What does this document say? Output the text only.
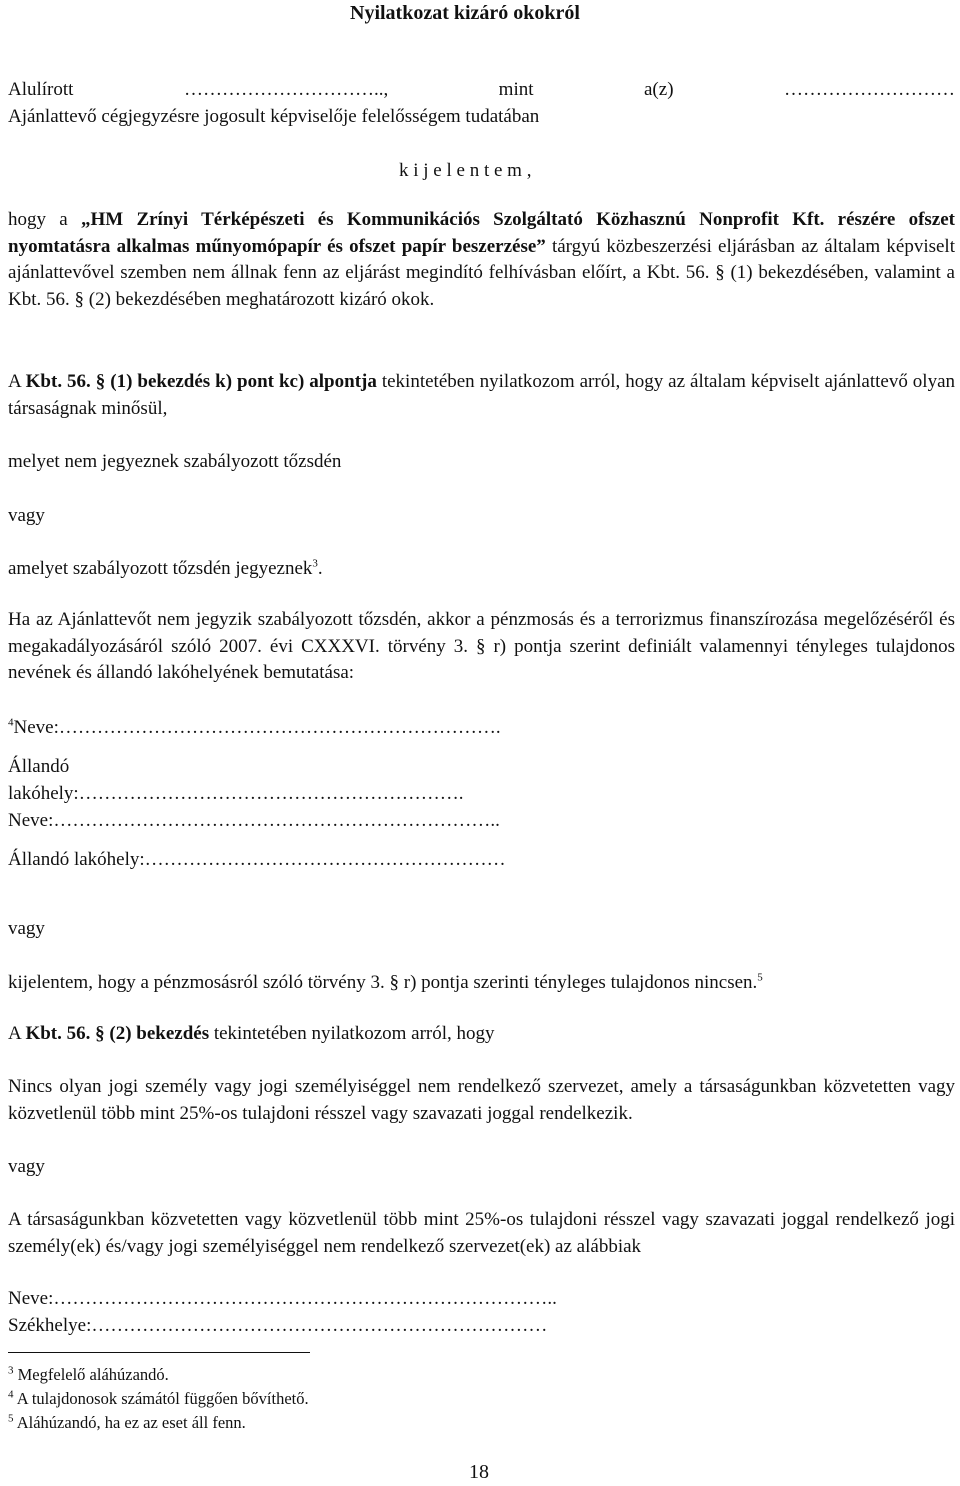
Nyilatkozat kizáró okokról
Alulírott	…………………………..,	mint	a(z)	………………………
Ajánlattevő cégjegyzésre jogosult képviselője felelősségem tudatában
k i j e l e n t e m ,
hogy a „HM Zrínyi Térképészeti és Kommunikációs Szolgáltató Közhasznú Nonprofit Kft. részére ofszet nyomtatásra alkalmas műnyomópapír és ofszet papír beszerzése” tárgyú közbeszerzési eljárásban az általam képviselt ajánlattevővel szemben nem állnak fenn az eljárást megindító felhívásban előírt, a Kbt. 56. § (1) bekezdésében, valamint a Kbt. 56. § (2) bekezdésében meghatározott kizáró okok.
A Kbt. 56. § (1) bekezdés k) pont kc) alpontja tekintetében nyilatkozom arról, hogy az általam képviselt ajánlattevő olyan társaságnak minősül,
melyet nem jegyeznek szabályozott tőzsdén
vagy
amelyet szabályozott tőzsdén jegyeznek$^3$.
Ha az Ajánlattevőt nem jegyzik szabályozott tőzsdén, akkor a pénzmosás és a terrorizmus finanszírozása megelőzéséről és megakadályozásáról szóló 2007. évi CXXXVI. törvény 3. § r) pontja szerint definiált valamennyi tényleges tulajdonos nevének és állandó lakóhelyének bemutatása:
$^4$Neve:…………………………………………………………….
Állandó
lakóhely:…………………………………………………….
Neve:……………………………………………………………..
Állandó lakóhely:…………………………………………………
vagy
kijelentem, hogy a pénzmosásról szóló törvény 3. § r) pontja szerinti tényleges tulajdonos nincsen.$^5$
A Kbt. 56. § (2) bekezdés tekintetében nyilatkozom arról, hogy
Nincs olyan jogi személy vagy jogi személyiséggel nem rendelkező szervezet, amely a társaságunkban közvetetten vagy közvetlenül több mint 25%-os tulajdoni résszel vagy szavazati joggal rendelkezik.
vagy
A társaságunkban közvetetten vagy közvetlenül több mint 25%-os tulajdoni résszel vagy szavazati joggal rendelkező jogi személy(ek) és/vagy jogi személyiséggel nem rendelkező szervezet(ek) az alábbiak
Neve:……………………………………………………………………..
Székhelye:………………………………………………………………
$^3$ Megfelelő aláhúzandó.
$^4$ A tulajdonosok számától függően bővíthető.
$^5$ Aláhúzandó, ha ez az eset áll fenn.
18
